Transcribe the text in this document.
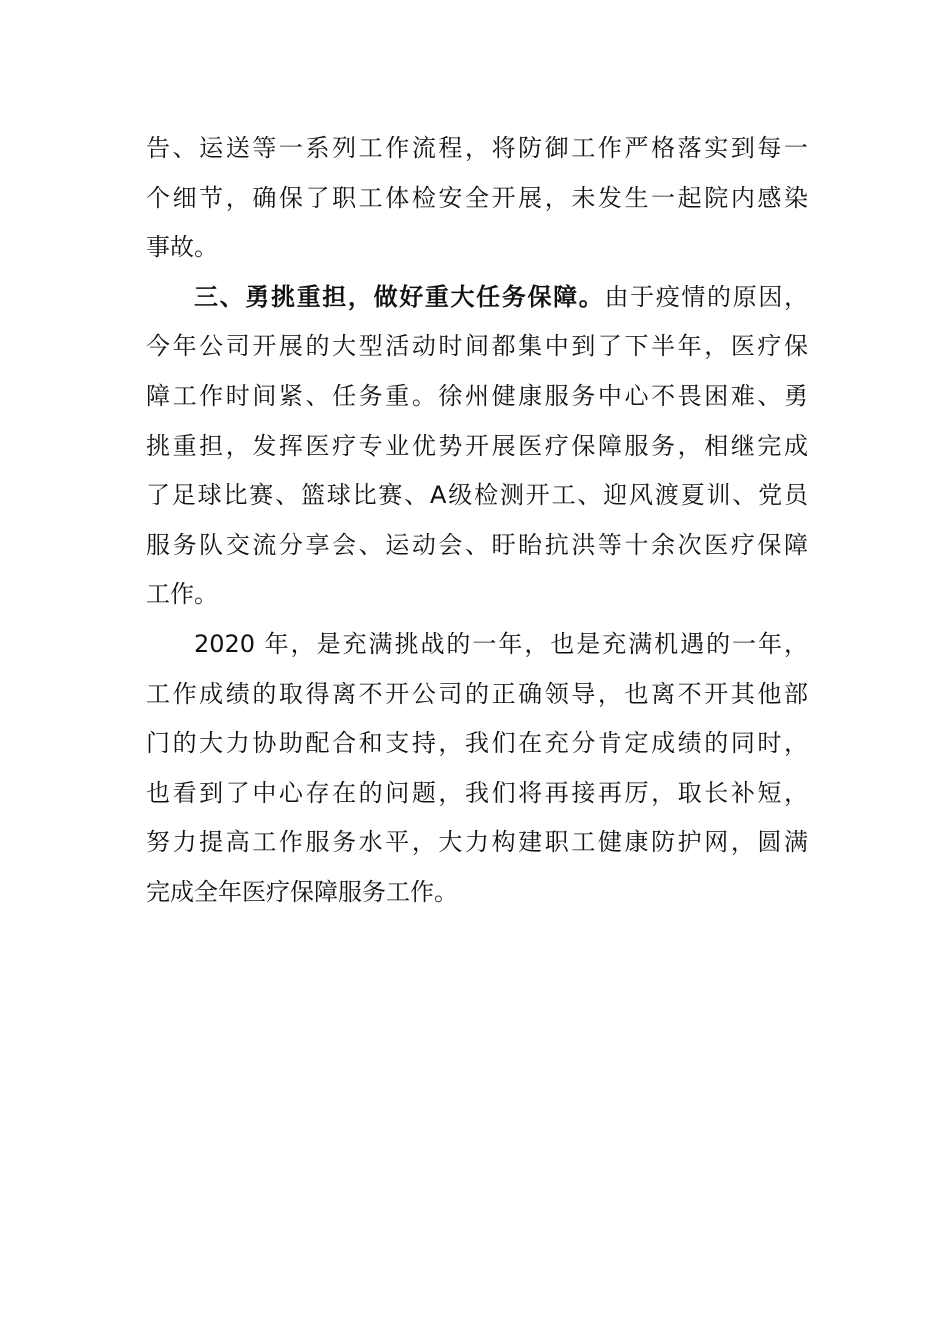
告、运送等一系列工作流程，将防御工作严格落实到每一
个细节，确保了职工体检安全开展，未发生一起院内感染
事故。
三、勇挑重担，做好重大任务保障。由于疫情的原因，
今年公司开展的大型活动时间都集中到了下半年，医疗保
障工作时间紧、任务重。徐州健康服务中心不畏困难、勇
挑重担，发挥医疗专业优势开展医疗保障服务，相继完成
了足球比赛、篮球比赛、A级检测开工、迎风渡夏训、党员
服务队交流分享会、运动会、盱眙抗洪等十余次医疗保障
工作。
2020 年，是充满挑战的一年，也是充满机遇的一年，
工作成绩的取得离不开公司的正确领导，也离不开其他部
门的大力协助配合和支持，我们在充分肯定成绩的同时，
也看到了中心存在的问题，我们将再接再厉，取长补短，
努力提高工作服务水平，大力构建职工健康防护网，圆满
完成全年医疗保障服务工作。
